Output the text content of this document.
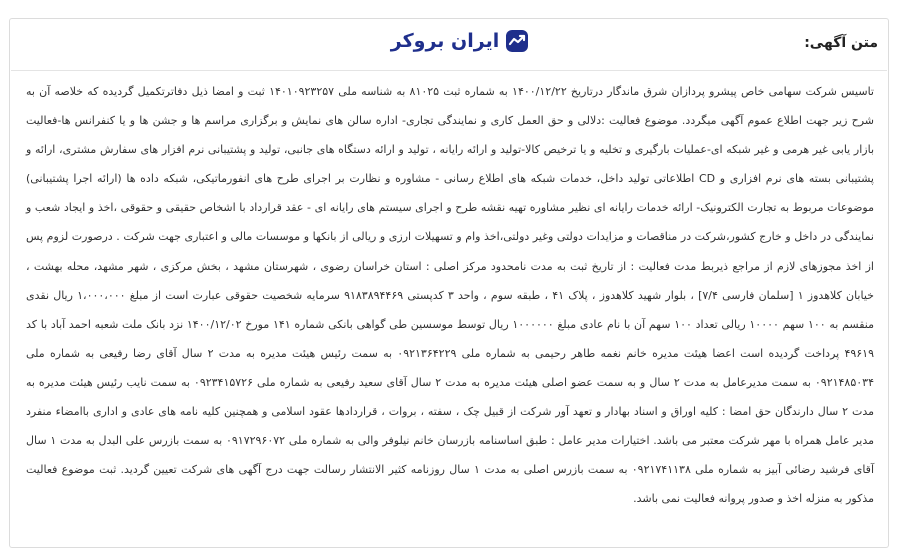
ایران بروکر	متن آگهی:

تاسیس شرکت سهامی خاص پیشرو پردازان شرق ماندگار درتاریخ ۱۴۰۰/۱۲/۲۲ به شماره ثبت ۸۱۰۲۵ به شناسه ملی ۱۴۰۱۰۹۲۳۲۵۷ ثبت و امضا ذیل دفاترتکمیل گردیده که خلاصه آن به شرح زیر جهت اطلاع عموم آگهی میگردد. موضوع فعالیت :دلالی و حق العمل کاری و نمایندگی تجاری- اداره سالن های نمایش و برگزاری مراسم ها و جشن ها و یا کنفرانس ها-فعالیت بازار یابی غیر هرمی و غیر شبکه ای-عملیات بارگیری و تخلیه و یا ترخیص کالا-تولید و ارائه رایانه ، تولید و ارائه دستگاه های جانبی، تولید و پشتیبانی نرم افزار های سفارش مشتری، ارائه و پشتیبانی بسته های نرم افزاری و CD اطلاعاتی تولید داخل، خدمات شبکه های اطلاع رسانی - مشاوره و نظارت بر اجرای طرح های انفورماتیکی، شبکه داده ها (ارائه اجرا پشتیبانی) موضوعات مربوط به تجارت الکترونیک- ارائه خدمات رایانه ای نظیر مشاوره تهیه نقشه طرح و اجرای سیستم های رایانه ای - عقد قرارداد با اشخاص حقیقی و حقوقی ،اخذ و ایجاد شعب و نمایندگی در داخل و خارج کشور،شرکت در مناقصات و مزایدات دولتی وغیر دولتی،اخذ وام و تسهیلات ارزی و ریالی از بانکها و موسسات مالی و اعتباری جهت شرکت . درصورت لزوم پس از اخذ مجوزهای لازم از مراجع ذیربط مدت فعالیت : از تاریخ ثبت به مدت نامحدود مرکز اصلی : استان خراسان رضوی ، شهرستان مشهد ، بخش مرکزی ، شهر مشهد، محله بهشت ، خیابان کلاهدوز ۱ [سلمان فارسی ۷/۴] ، بلوار شهید کلاهدوز ، پلاک ۴۱ ، طبقه سوم ، واحد ۳ کدپستی ۹۱۸۳۸۹۴۴۶۹ سرمایه شخصیت حقوقی عبارت است از مبلغ ۱،۰۰۰،۰۰۰ ریال نقدی منقسم به ۱۰۰ سهم ۱۰۰۰۰ ریالی تعداد ۱۰۰ سهم آن با نام عادی مبلغ ۱۰۰۰۰۰۰ ریال توسط موسسین طی گواهی بانکی شماره ۱۴۱ مورخ ۱۴۰۰/۱۲/۰۲ نزد بانک ملت شعبه احمد آباد با کد ۴۹۶۱۹ پرداخت گردیده است اعضا هیئت مدیره خانم نغمه طاهر رحیمی به شماره ملی ۰۹۲۱۳۶۴۲۲۹ به سمت رئیس هیئت مدیره به مدت ۲ سال آقای رضا رفیعی به شماره ملی ۰۹۲۱۴۸۵۰۳۴ به سمت مدیرعامل به مدت ۲ سال و به سمت عضو اصلی هیئت مدیره به مدت ۲ سال آقای سعید رفیعی به شماره ملی ۰۹۲۳۴۱۵۷۲۶ به سمت نایب رئیس هیئت مدیره به مدت ۲ سال دارندگان حق امضا : کلیه اوراق و اسناد بهادار و تعهد آور شرکت از قبیل چک ، سفته ، بروات ، قراردادها عقود اسلامی و همچنین کلیه نامه های عادی و اداری باامضاء منفرد مدیر عامل همراه با مهر شرکت معتبر می باشد. اختیارات مدیر عامل : طبق اساسنامه بازرسان خانم نیلوفر والی به شماره ملی ۰۹۱۷۲۹۶۰۷۲ به سمت بازرس علی البدل به مدت ۱ سال آقای فرشید رضائی آبیز به شماره ملی ۰۹۲۱۷۴۱۱۳۸ به سمت بازرس اصلی به مدت ۱ سال روزنامه کثیر الانتشار رسالت جهت درج آگهی های شرکت تعیین گردید. ثبت موضوع فعالیت مذکور به منزله اخذ و صدور پروانه فعالیت نمی باشد.
